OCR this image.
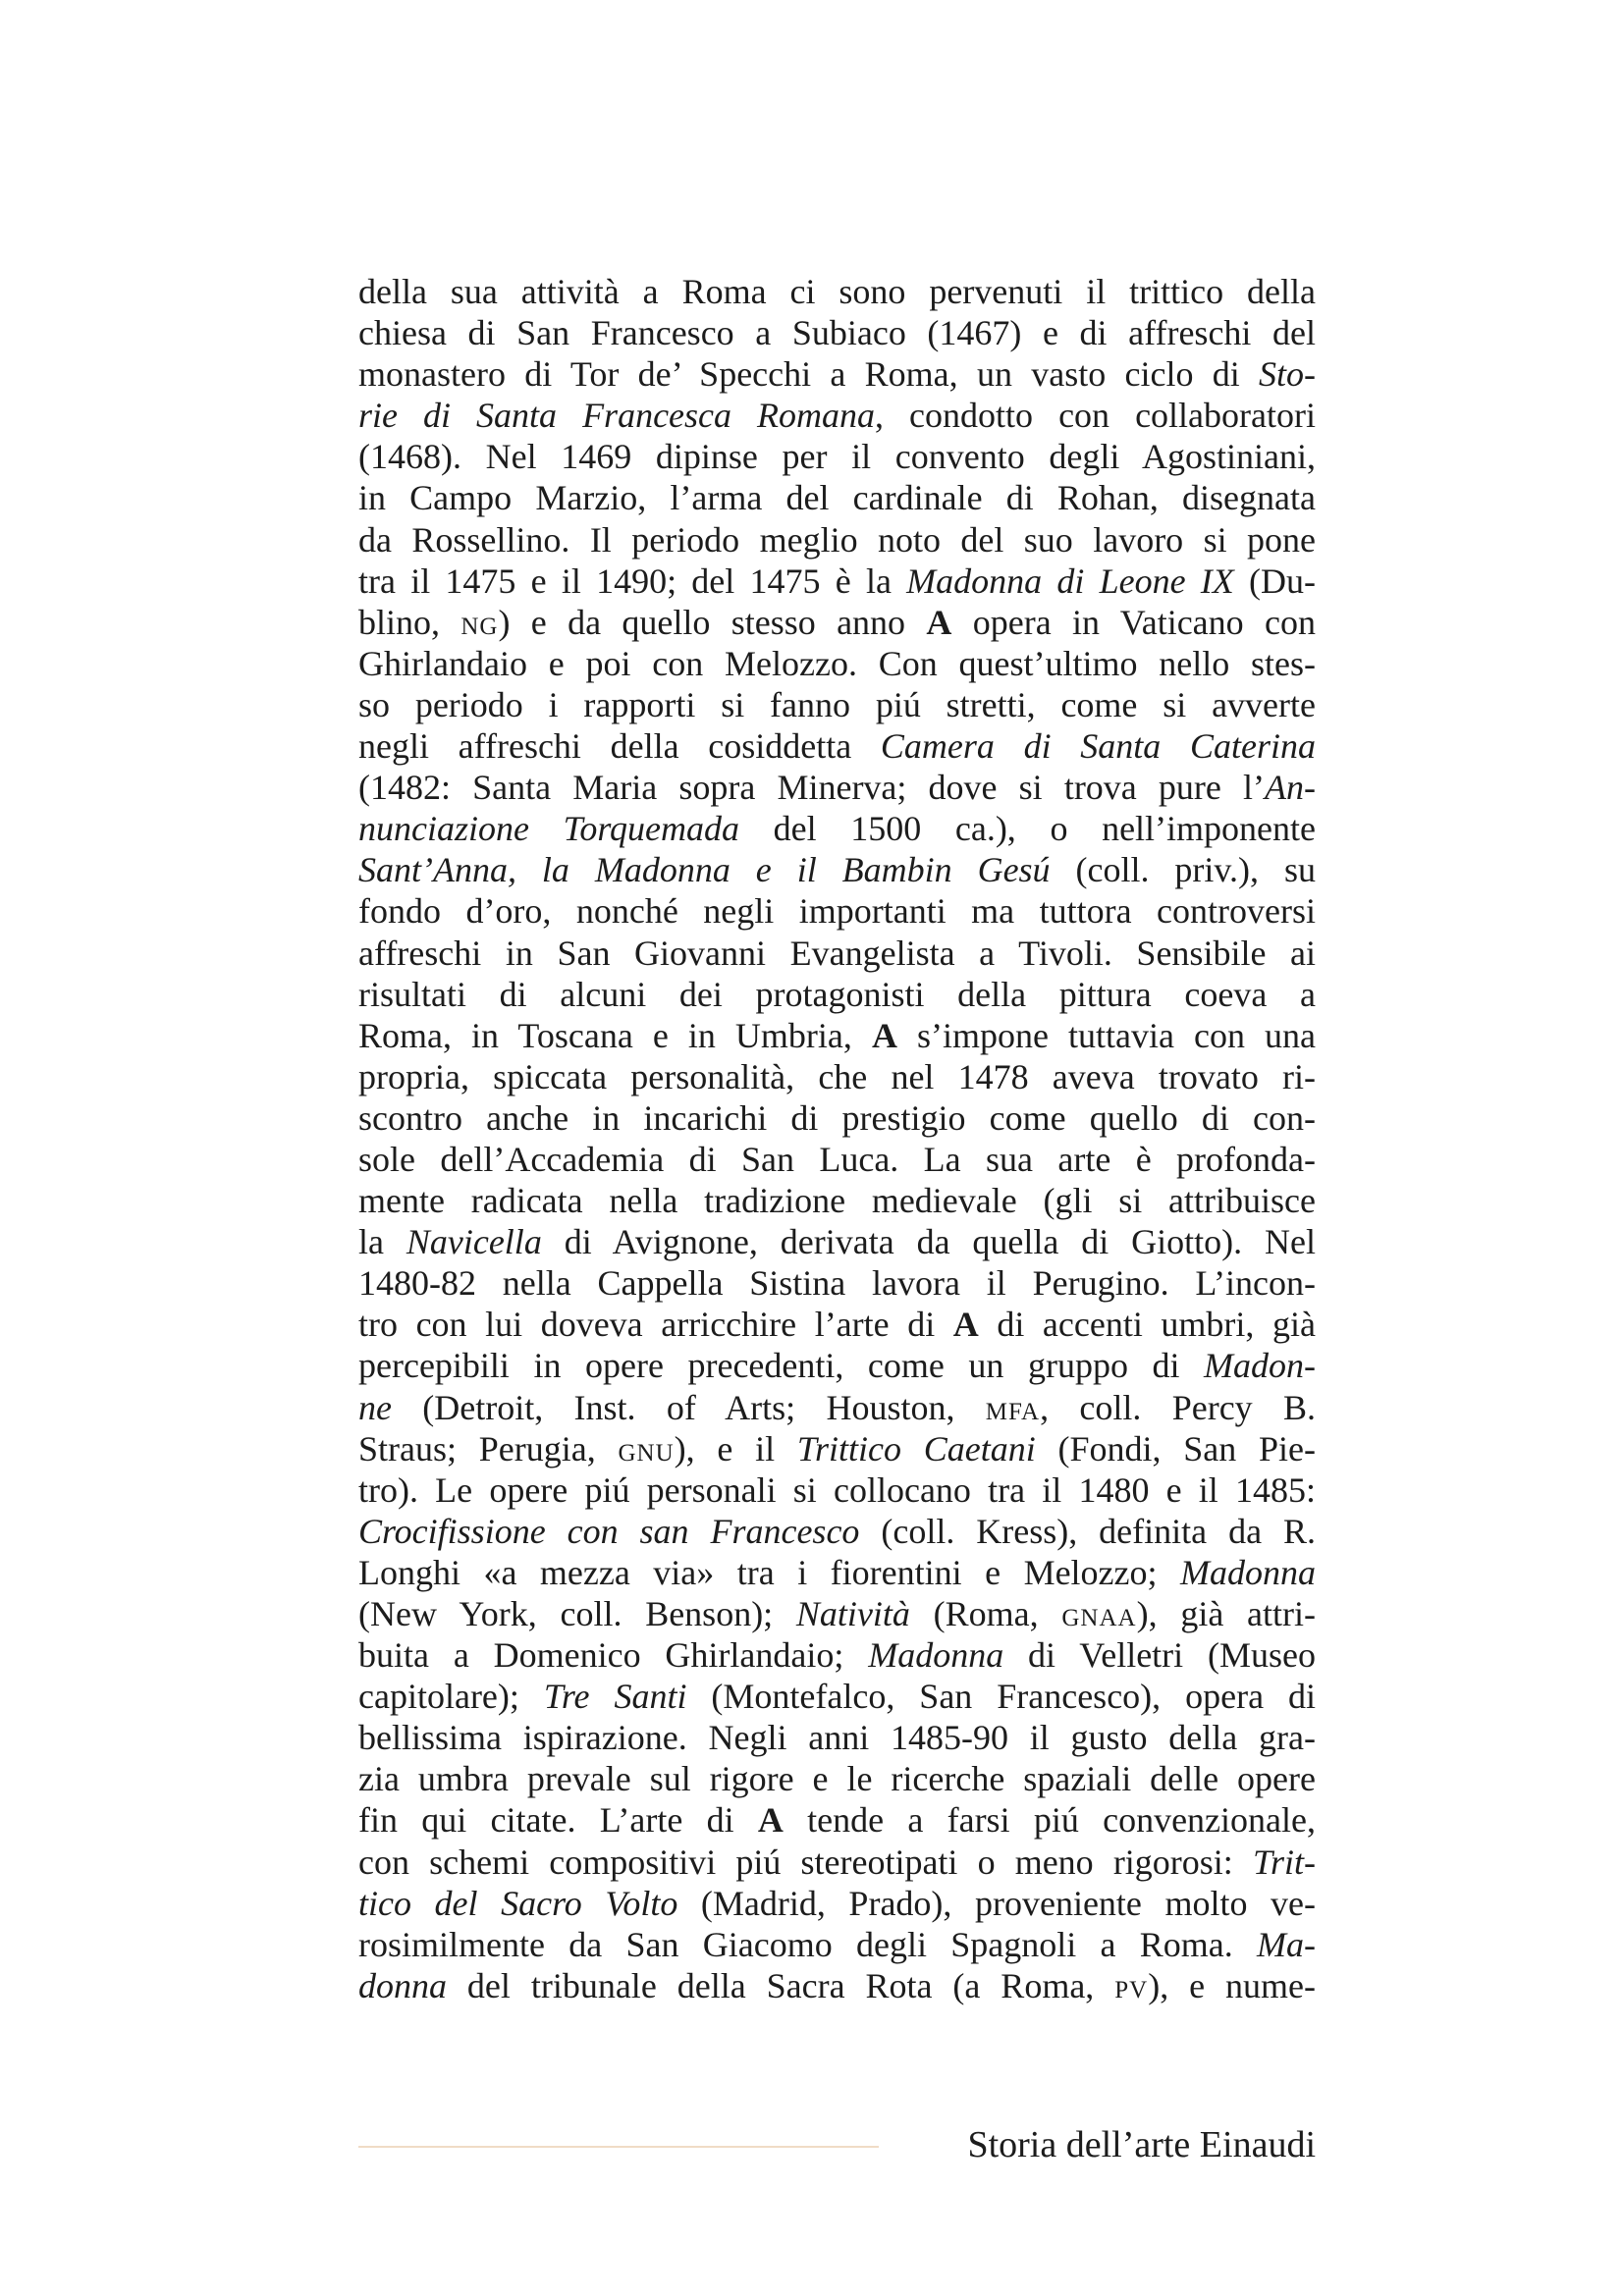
della sua attività a Roma ci sono pervenuti il trittico della
chiesa di San Francesco a Subiaco (1467) e di affreschi del
monastero di Tor de’ Specchi a Roma, un vasto ciclo di Sto-
rie di Santa Francesca Romana, condotto con collaboratori
(1468). Nel 1469 dipinse per il convento degli Agostiniani,
in Campo Marzio, l’arma del cardinale di Rohan, disegnata
da Rossellino. Il periodo meglio noto del suo lavoro si pone
tra il 1475 e il 1490; del 1475 è la Madonna di Leone IX (Du-
blino, NG) e da quello stesso anno A opera in Vaticano con
Ghirlandaio e poi con Melozzo. Con quest’ultimo nello stes-
so periodo i rapporti si fanno piú stretti, come si avverte
negli affreschi della cosiddetta Camera di Santa Caterina
(1482: Santa Maria sopra Minerva; dove si trova pure l’An-
nunciazione Torquemada del 1500 ca.), o nell’imponente
Sant’Anna, la Madonna e il Bambin Gesú (coll. priv.), su
fondo d’oro, nonché negli importanti ma tuttora controversi
affreschi in San Giovanni Evangelista a Tivoli. Sensibile ai
risultati di alcuni dei protagonisti della pittura coeva a
Roma, in Toscana e in Umbria, A s’impone tuttavia con una
propria, spiccata personalità, che nel 1478 aveva trovato ri-
scontro anche in incarichi di prestigio come quello di con-
sole dell’Accademia di San Luca. La sua arte è profonda-
mente radicata nella tradizione medievale (gli si attribuisce
la Navicella di Avignone, derivata da quella di Giotto). Nel
1480-82 nella Cappella Sistina lavora il Perugino. L’incon-
tro con lui doveva arricchire l’arte di A di accenti umbri, già
percepibili in opere precedenti, come un gruppo di Madon-
ne (Detroit, Inst. of Arts; Houston, MFA, coll. Percy B.
Straus; Perugia, GNU), e il Trittico Caetani (Fondi, San Pie-
tro). Le opere piú personali si collocano tra il 1480 e il 1485:
Crocifissione con san Francesco (coll. Kress), definita da R.
Longhi «a mezza via» tra i fiorentini e Melozzo; Madonna
(New York, coll. Benson); Natività (Roma, GNAA), già attri-
buita a Domenico Ghirlandaio; Madonna di Velletri (Museo
capitolare); Tre Santi (Montefalco, San Francesco), opera di
bellissima ispirazione. Negli anni 1485-90 il gusto della gra-
zia umbra prevale sul rigore e le ricerche spaziali delle opere
fin qui citate. L’arte di A tende a farsi piú convenzionale,
con schemi compositivi piú stereotipati o meno rigorosi: Trit-
tico del Sacro Volto (Madrid, Prado), proveniente molto ve-
rosimilmente da San Giacomo degli Spagnoli a Roma. Ma-
donna del tribunale della Sacra Rota (a Roma, PV), e nume-
Storia dell’arte Einaudi
